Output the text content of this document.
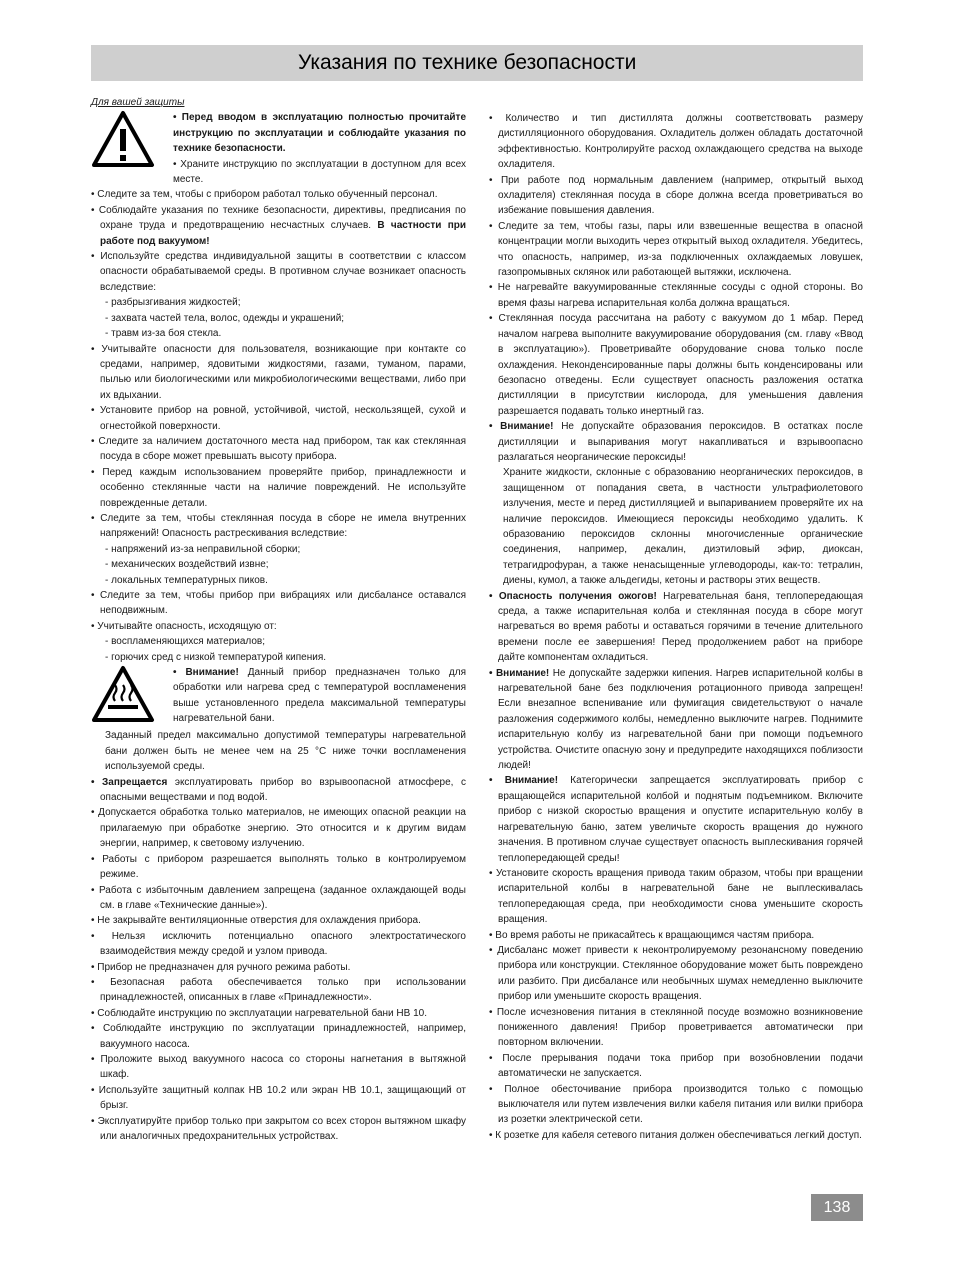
Указания по технике безопасности

Для вашей защиты

• Перед вводом в эксплуатацию полностью прочитайте инструкцию по эксплуатации и соблюдайте указания по технике безопасности.

• Храните инструкцию по эксплуатации в доступном для всех месте.

• Следите за тем, чтобы с прибором работал только обученный персонал.

• Соблюдайте указания по технике безопасности, директивы, предписания по охране труда и предотвращению несчастных случаев. В частности при работе под вакуумом!

• Используйте средства индивидуальной защиты в соответствии с классом опасности обрабатываемой среды. В противном случае возникает опасность вследствие:

- разбрызгивания жидкостей;

- захвата частей тела, волос, одежды и украшений;

- травм из-за боя стекла.

• Учитывайте опасности для пользователя, возникающие при контакте со средами, например, ядовитыми жидкостями, газами, туманом, парами, пылью или биологическими или микробиологическими веществами, либо при их вдыхании.

• Установите прибор на ровной, устойчивой, чистой, нескользящей, сухой и огнестойкой поверхности.

• Следите за наличием достаточного места над прибором, так как стеклянная посуда в сборе может превышать высоту прибора.

• Перед каждым использованием проверяйте прибор, принадлежности и особенно стеклянные части на наличие повреждений. Не используйте поврежденные детали.

• Следите за тем, чтобы стеклянная посуда в сборе не имела внутренних напряжений! Опасность растрескивания вследствие:

- напряжений из-за неправильной сборки;

- механических воздействий извне;

- локальных температурных пиков.

• Следите за тем, чтобы прибор при вибрациях или дисбалансе оставался неподвижным.

• Учитывайте опасность, исходящую от:

- воспламеняющихся материалов;

- горючих сред с низкой температурой кипения.

• Внимание! Данный прибор предназначен только для обработки или нагрева сред с температурой воспламенения выше установленного предела максимальной температуры нагревательной бани.

Заданный предел максимально допустимой температуры нагревательной бани должен быть не менее чем на 25 °С ниже точки воспламенения используемой среды.

• Запрещается эксплуатировать прибор во взрывоопасной атмосфере, с опасными веществами и под водой.

• Допускается обработка только материалов, не имеющих опасной реакции на прилагаемую при обработке энергию. Это относится и к другим видам энергии, например, к световому излучению.

• Работы с прибором разрешается выполнять только в контролируемом режиме.

• Работа с избыточным давлением запрещена (заданное охлаждающей воды см. в главе «Технические данные»).

• Не закрывайте вентиляционные отверстия для охлаждения прибора.

• Нельзя исключить потенциально опасного электростатического взаимодействия между средой и узлом привода.

• Прибор не предназначен для ручного режима работы.

• Безопасная работа обеспечивается только при использовании принадлежностей, описанных в главе «Принадлежности».

• Соблюдайте инструкцию по эксплуатации нагревательной бани HB 10.

• Соблюдайте инструкцию по эксплуатации принадлежностей, например, вакуумного насоса.

• Проложите выход вакуумного насоса со стороны нагнетания в вытяжной шкаф.

• Используйте защитный колпак HB 10.2 или экран HB 10.1, защищающий от брызг.

• Эксплуатируйте прибор только при закрытом со всех сторон вытяжном шкафу или аналогичных предохранительных устройствах.

• Количество и тип дистиллята должны соответствовать размеру дистилляционного оборудования. Охладитель должен обладать достаточной эффективностью. Контролируйте расход охлаждающего средства на выходе охладителя.

• При работе под нормальным давлением (например, открытый выход охладителя) стеклянная посуда в сборе должна всегда проветриваться во избежание повышения давления.

• Следите за тем, чтобы газы, пары или взвешенные вещества в опасной концентрации могли выходить через открытый выход охладителя. Убедитесь, что опасность, например, из-за подключенных охлаждаемых ловушек, газопромывных склянок или работающей вытяжки, исключена.

• Не нагревайте вакуумированные стеклянные сосуды с одной стороны. Во время фазы нагрева испарительная колба должна вращаться.

• Стеклянная посуда рассчитана на работу с вакуумом до 1 мбар. Перед началом нагрева выполните вакуумирование оборудования (см. главу «Ввод в эксплуатацию»). Проветривайте оборудование снова только после охлаждения. Неконденсированные пары должны быть конденсированы или безопасно отведены. Если существует опасность разложения остатка дистилляции в присутствии кислорода, для уменьшения давления разрешается подавать только инертный газ.

• Внимание! Не допускайте образования пероксидов. В остатках после дистилляции и выпаривания могут накапливаться и взрывоопасно разлагаться неорганические пероксиды!

Храните жидкости, склонные с образованию неорганических пероксидов, в защищенном от попадания света, в частности ультрафиолетового излучения, месте и перед дистилляцией и выпариванием проверяйте их на наличие пероксидов. Имеющиеся пероксиды необходимо удалить. К образованию пероксидов склонны многочисленные органические соединения, например, декалин, диэтиловый эфир, диоксан, тетрагидрофуран, а также ненасыщенные углеводороды, как-то: тетралин, диены, кумол, а также альдегиды, кетоны и растворы этих веществ.

• Опасность получения ожогов! Нагревательная баня, теплопередающая среда, а также испарительная колба и стеклянная посуда в сборе могут нагреваться во время работы и оставаться горячими в течение длительного времени после ее завершения! Перед продолжением работ на приборе дайте компонентам охладиться.

• Внимание! Не допускайте задержки кипения. Нагрев испарительной колбы в нагревательной бане без подключения ротационного привода запрещен! Если внезапное вспенивание или фумигация свидетельствуют о начале разложения содержимого колбы, немедленно выключите нагрев. Поднимите испарительную колбу из нагревательной бани при помощи подъемного устройства. Очистите опасную зону и предупредите находящихся поблизости людей!

• Внимание! Категорически запрещается эксплуатировать прибор с вращающейся испарительной колбой и поднятым подъемником. Включите прибор с низкой скоростью вращения и опустите испарительную колбу в нагревательную баню, затем увеличьте скорость вращения до нужного значения. В противном случае существует опасность выплескивания горячей теплопередающей среды!

• Установите скорость вращения привода таким образом, чтобы при вращении испарительной колбы в нагревательной бане не выплескивалась теплопередающая среда, при необходимости снова уменьшите скорость вращения.

• Во время работы не прикасайтесь к вращающимся частям прибора.

• Дисбаланс может привести к неконтролируемому резонансному поведению прибора или конструкции. Стеклянное оборудование может быть повреждено или разбито. При дисбалансе или необычных шумах немедленно выключите прибор или уменьшите скорость вращения.

• После исчезновения питания в стеклянной посуде возможно возникновение пониженного давления! Прибор проветривается автоматически при повторном включении.

• После прерывания подачи тока прибор при возобновлении подачи автоматически не запускается.

• Полное обесточивание прибора производится только с помощью выключателя или путем извлечения вилки кабеля питания или вилки прибора из розетки электрической сети.

• К розетке для кабеля сетевого питания должен обеспечиваться легкий доступ.

138
